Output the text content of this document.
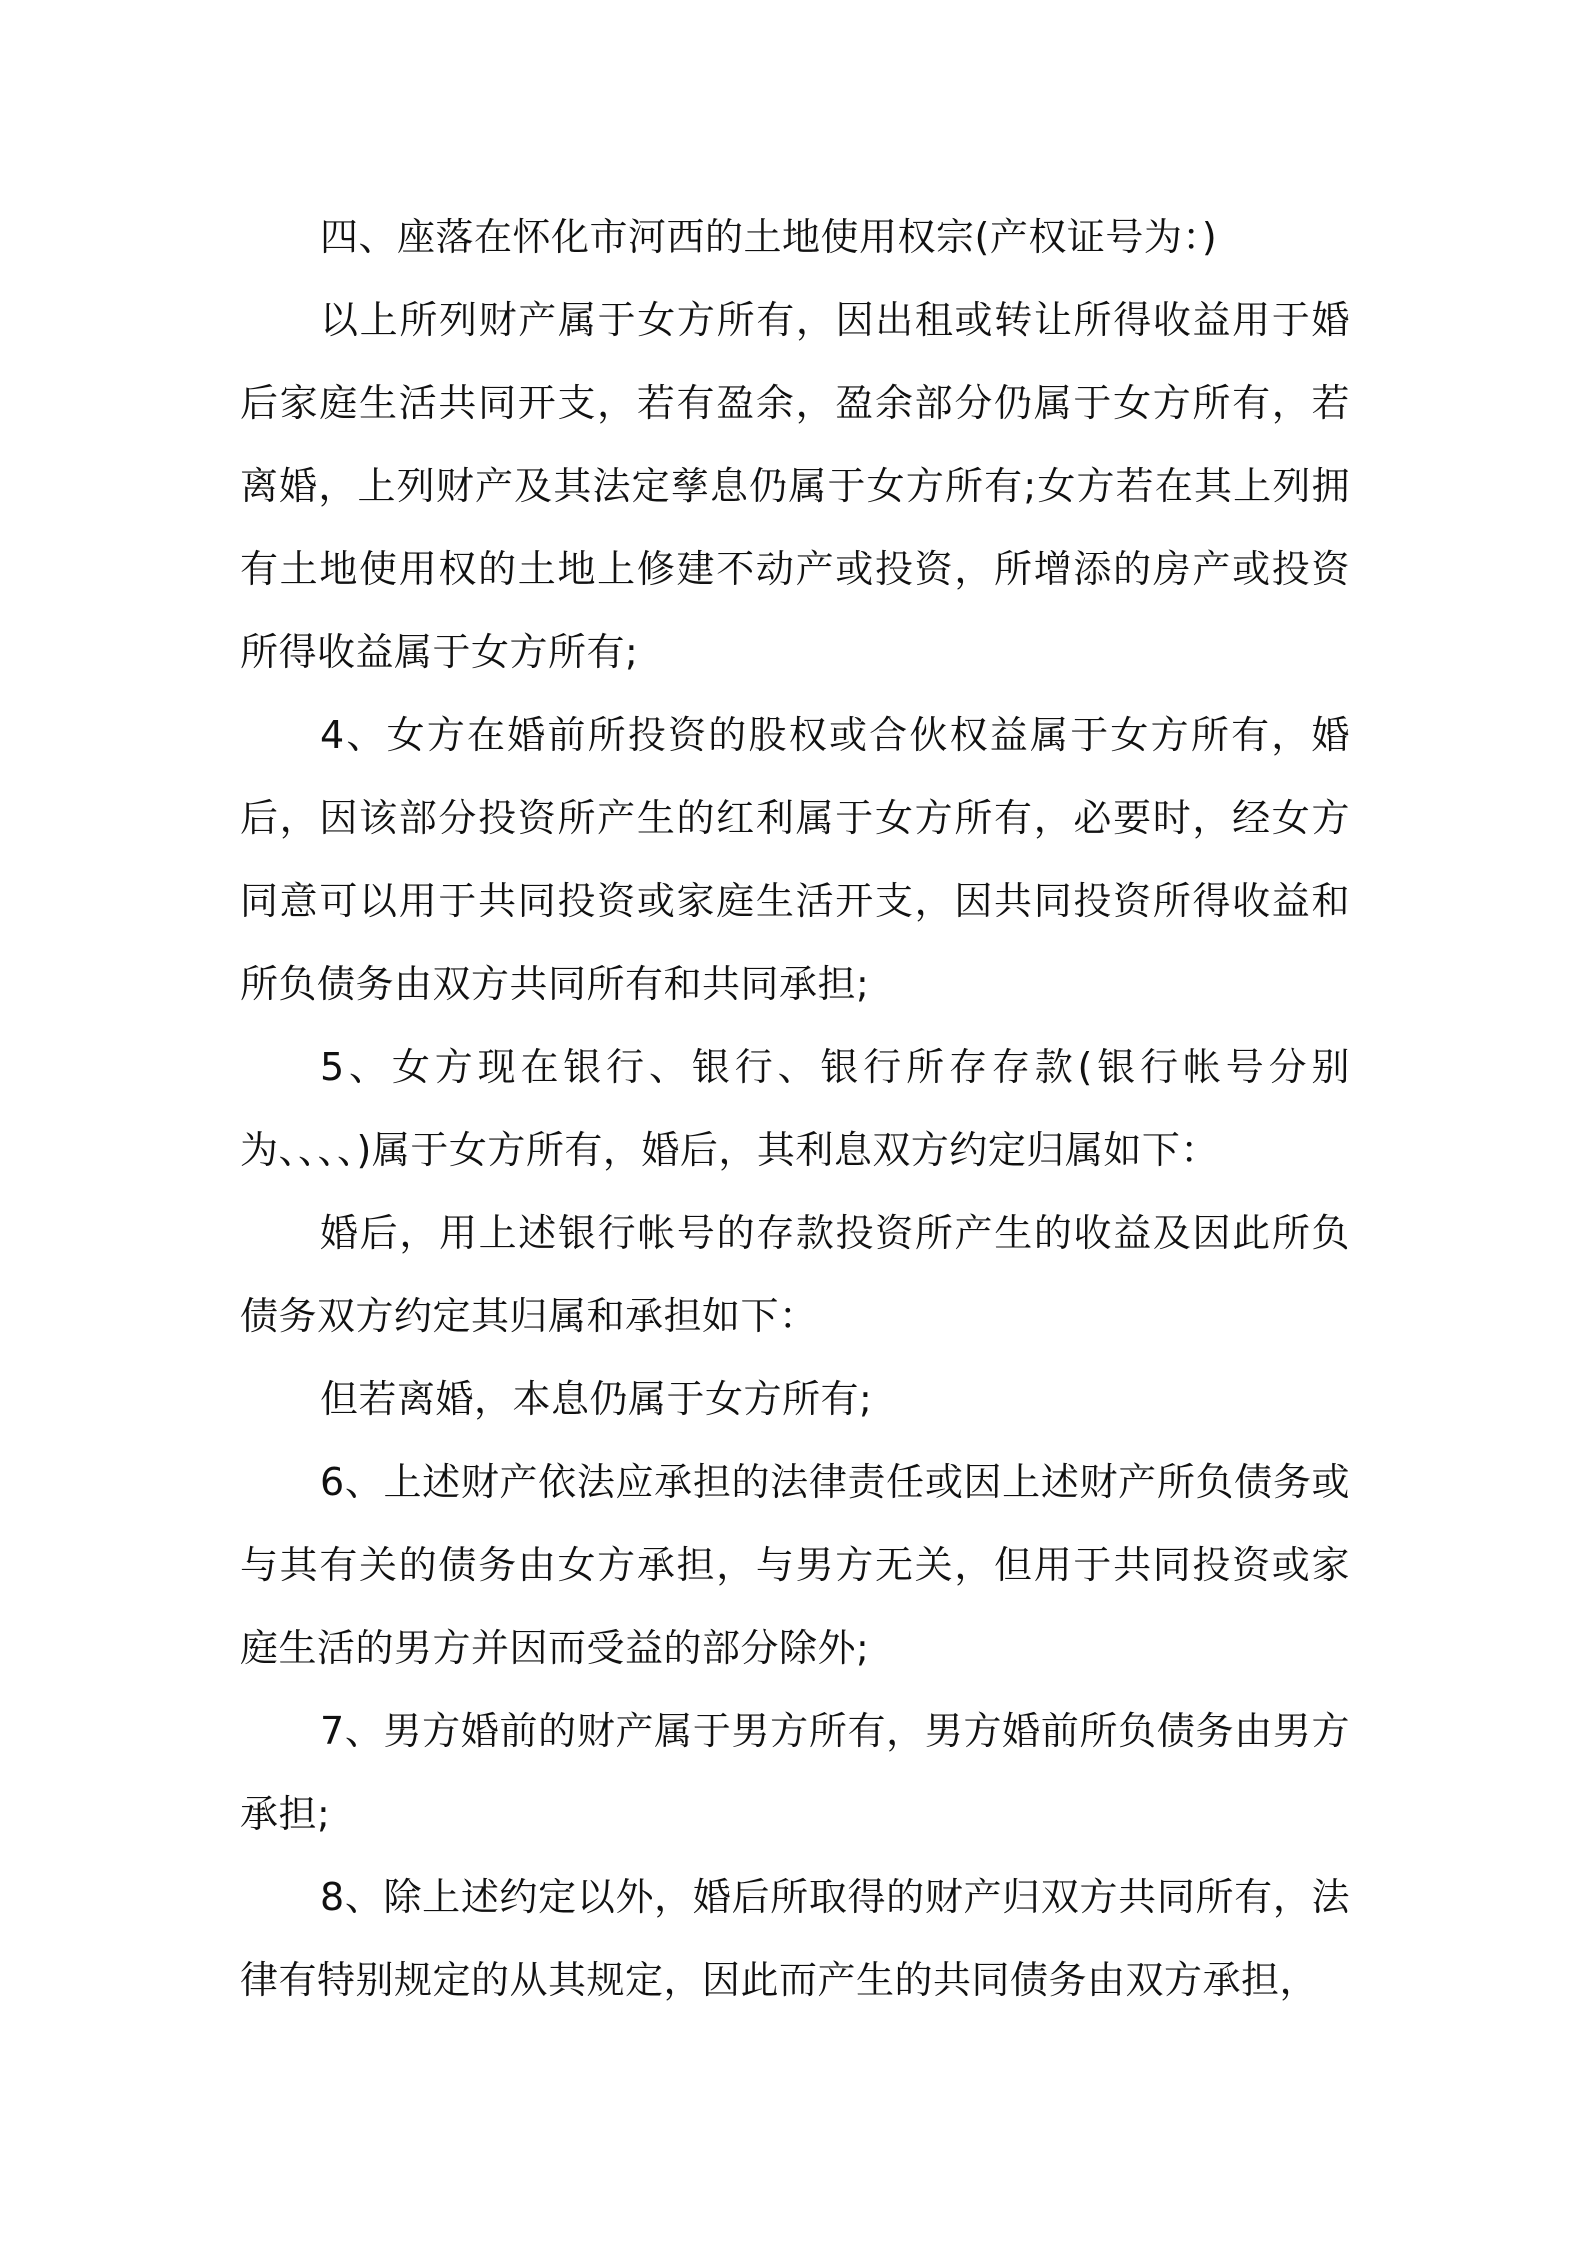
四、座落在怀化市河西的土地使用权宗(产权证号为：)

以上所列财产属于女方所有，因出租或转让所得收益用于婚后家庭生活共同开支，若有盈余，盈余部分仍属于女方所有，若离婚，上列财产及其法定孳息仍属于女方所有;女方若在其上列拥有土地使用权的土地上修建不动产或投资，所增添的房产或投资所得收益属于女方所有;

4、女方在婚前所投资的股权或合伙权益属于女方所有，婚后，因该部分投资所产生的红利属于女方所有，必要时，经女方同意可以用于共同投资或家庭生活开支，因共同投资所得收益和所负债务由双方共同所有和共同承担;

5、女方现在银行、银行、银行所存存款(银行帐号分别为、、、、)属于女方所有，婚后，其利息双方约定归属如下：

婚后，用上述银行帐号的存款投资所产生的收益及因此所负债务双方约定其归属和承担如下：

但若离婚，本息仍属于女方所有;

6、上述财产依法应承担的法律责任或因上述财产所负债务或与其有关的债务由女方承担，与男方无关，但用于共同投资或家庭生活的男方并因而受益的部分除外;

7、男方婚前的财产属于男方所有，男方婚前所负债务由男方承担;

8、除上述约定以外，婚后所取得的财产归双方共同所有，法律有特别规定的从其规定，因此而产生的共同债务由双方承担，
